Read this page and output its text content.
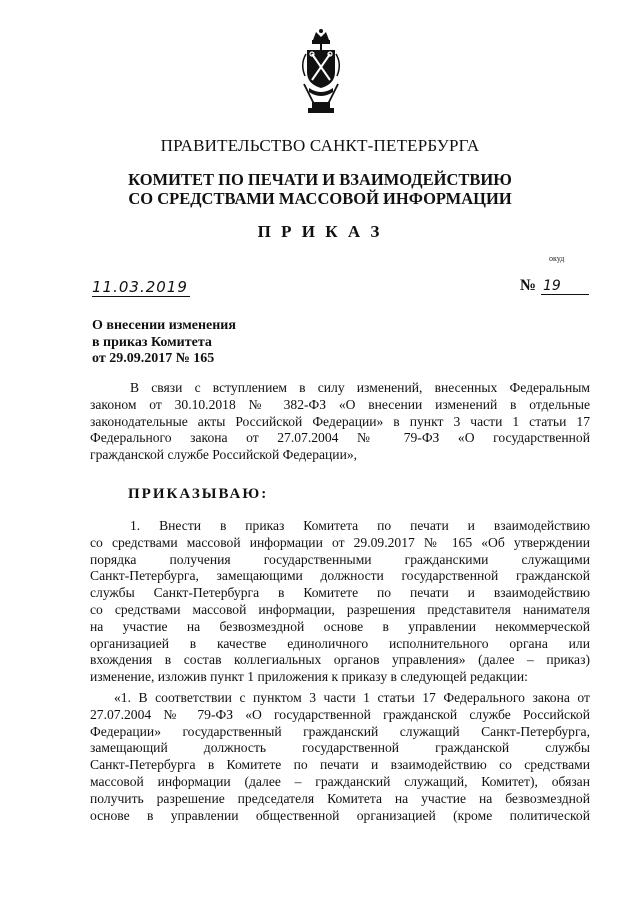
ПРАВИТЕЛЬСТВО САНКТ-ПЕТЕРБУРГА
КОМИТЕТ ПО ПЕЧАТИ И ВЗАИМОДЕЙСТВИЮ
СО СРЕДСТВАМИ МАССОВОЙ ИНФОРМАЦИИ
П Р И К А З
окуд
11.03.2019	№ 19
О внесении изменения
в приказ Комитета
от 29.09.2017 № 165
В связи с вступлением в силу изменений, внесенных Федеральным
законом от 30.10.2018 № 382-ФЗ «О внесении изменений в отдельные
законодательные акты Российской Федерации» в пункт 3 части 1 статьи 17
Федерального закона от 27.07.2004 № 79-ФЗ «О государственной
гражданской службе Российской Федерации»,
ПРИКАЗЫВАЮ:
1. Внести в приказ Комитета по печати и взаимодействию
со средствами массовой информации от 29.09.2017 № 165 «Об утверждении
порядка получения государственными гражданскими служащими
Санкт-Петербурга, замещающими должности государственной гражданской
службы Санкт-Петербурга в Комитете по печати и взаимодействию
со средствами массовой информации, разрешения представителя нанимателя
на участие на безвозмездной основе в управлении некоммерческой
организацией в качестве единоличного исполнительного органа или
вхождения в состав коллегиальных органов управления» (далее – приказ)
изменение, изложив пункт 1 приложения к приказу в следующей редакции:
«1. В соответствии с пунктом 3 части 1 статьи 17 Федерального закона от
27.07.2004 № 79-ФЗ «О государственной гражданской службе Российской
Федерации» государственный гражданский служащий Санкт-Петербурга,
замещающий должность государственной гражданской службы
Санкт-Петербурга в Комитете по печати и взаимодействию со средствами
массовой информации (далее – гражданский служащий, Комитет), обязан
получить разрешение председателя Комитета на участие на безвозмездной
основе в управлении общественной организацией (кроме политической
